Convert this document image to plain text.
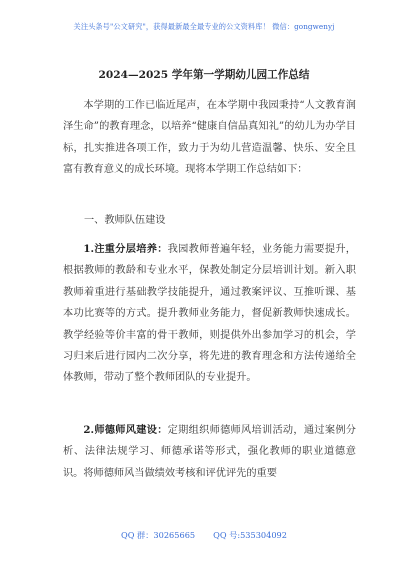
关注头条号"公文研究"，获得最新最全最专业的公文资料库！ 微信：gongwenyj
2024—2025 学年第一学期幼儿园工作总结

本学期的工作已临近尾声，在本学期中我园秉持“人文教育润泽生命”的教育理念，以培养“健康自信品真知礼”的幼儿为办学目标，扎实推进各项工作，致力于为幼儿营造温馨、快乐、安全且富有教育意义的成长环境。现将本学期工作总结如下：

一、教师队伍建设

1.注重分层培养：我园教师普遍年轻，业务能力需要提升，根据教师的教龄和专业水平，保教处制定分层培训计划。新入职教师着重进行基础教学技能提升，通过教案评议、互推听课、基本功比赛等的方式。提升教师业务能力，督促新教师快速成长。教学经验等价丰富的骨干教师，则提供外出参加学习的机会，学习归来后进行园内二次分享，将先进的教育理念和方法传递给全体教师，带动了整个教师团队的专业提升。

2.师德师风建设：定期组织师德师风培训活动，通过案例分析、法律法规学习、师德承诺等形式，强化教师的职业道德意识。将师德师风当做绩效考核和评优评先的重要

QQ 群：30265665 QQ 号:535304092
